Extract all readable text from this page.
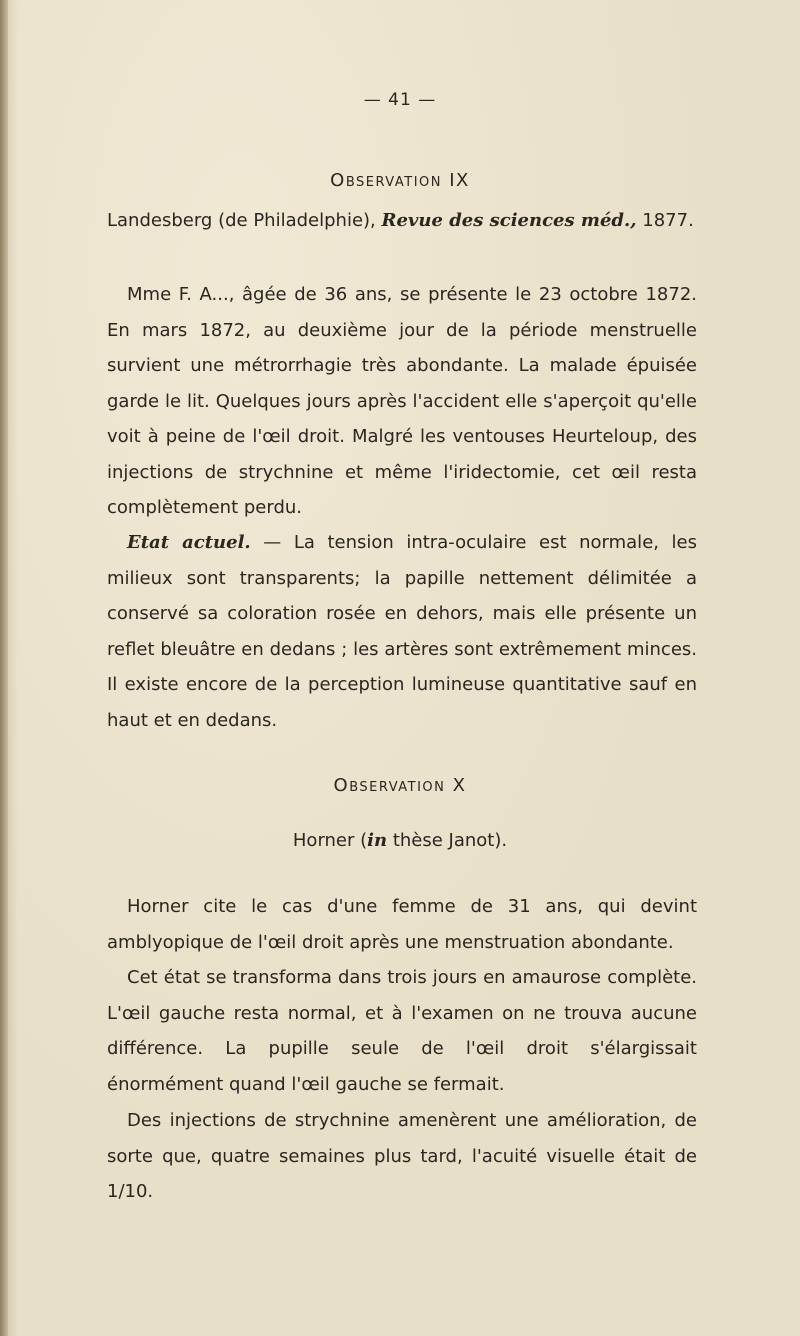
— 41 —
Observation IX
Landesberg (de Philadelphie), Revue des sciences méd., 1877.

Mme F. A..., âgée de 36 ans, se présente le 23 octobre 1872. En mars 1872, au deuxième jour de la période menstruelle survient une métrorrhagie très abondante. La malade épuisée garde le lit. Quelques jours après l'accident elle s'aperçoit qu'elle voit à peine de l'œil droit. Malgré les ventouses Heurteloup, des injections de strychnine et même l'iridectomie, cet œil resta complètement perdu.

Etat actuel. — La tension intra-oculaire est normale, les milieux sont transparents; la papille nettement délimitée a conservé sa coloration rosée en dehors, mais elle présente un reflet bleuâtre en dedans ; les artères sont extrêmement minces. Il existe encore de la perception lumineuse quantitative sauf en haut et en dedans.

Observation X
Horner (in thèse Janot).

Horner cite le cas d'une femme de 31 ans, qui devint amblyopique de l'œil droit après une menstruation abondante.

Cet état se transforma dans trois jours en amaurose complète. L'œil gauche resta normal, et à l'examen on ne trouva aucune différence. La pupille seule de l'œil droit s'élargissait énormément quand l'œil gauche se fermait.

Des injections de strychnine amenèrent une amélioration, de sorte que, quatre semaines plus tard, l'acuité visuelle était de 1/10.
